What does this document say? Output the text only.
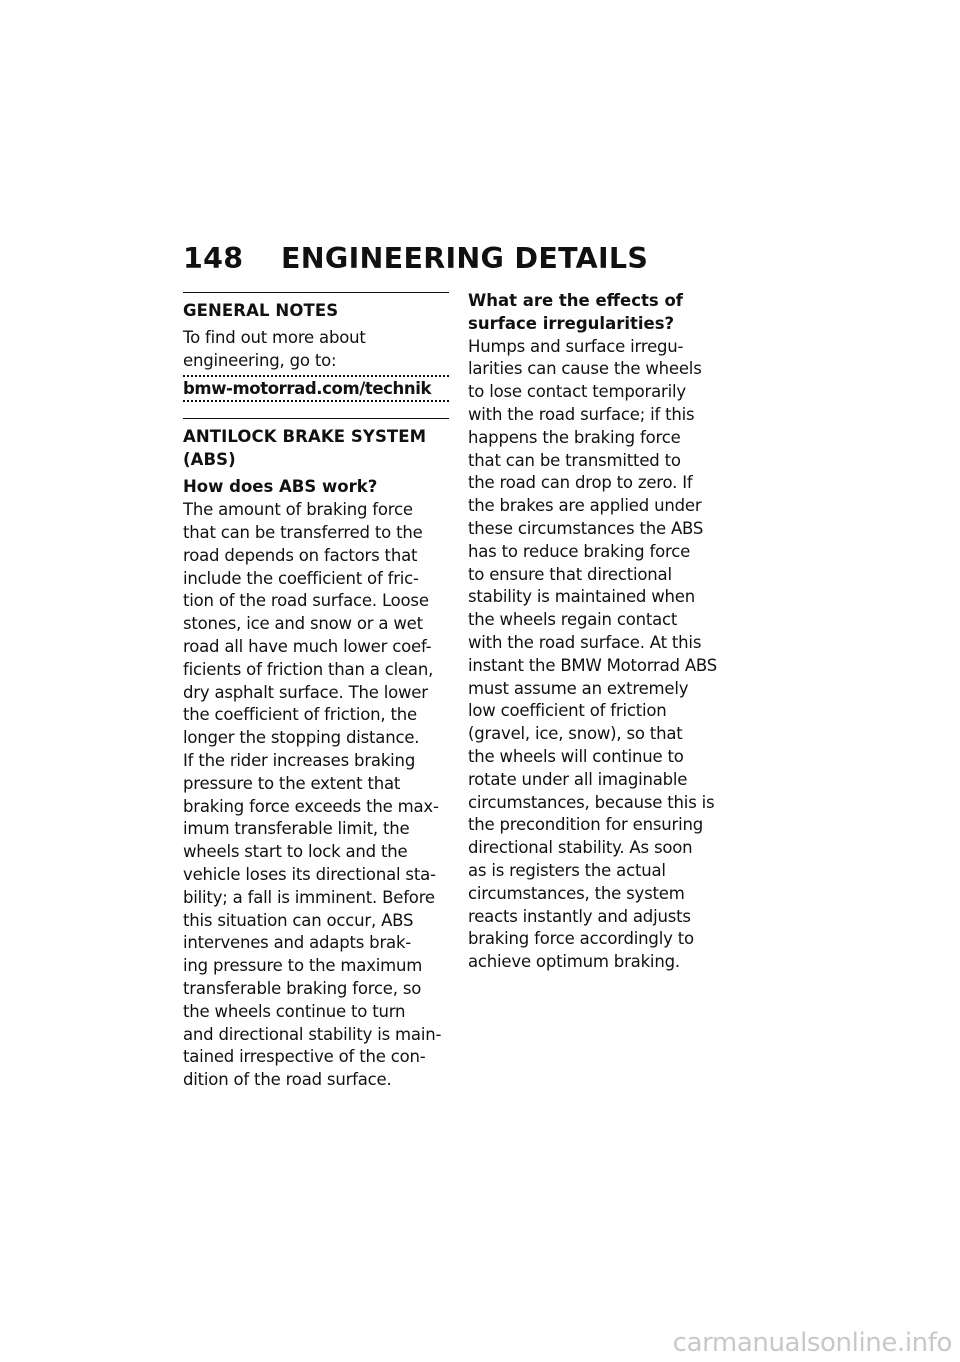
148	ENGINEERING DETAILS
GENERAL NOTES
To find out more about
engineering, go to:
bmw-motorrad.com/technik
ANTILOCK BRAKE SYSTEM
(ABS)
How does ABS work?
The amount of braking force
that can be transferred to the
road depends on factors that
include the coefficient of fric-
tion of the road surface. Loose
stones, ice and snow or a wet
road all have much lower coef-
ficients of friction than a clean,
dry asphalt surface. The lower
the coefficient of friction, the
longer the stopping distance.
If the rider increases braking
pressure to the extent that
braking force exceeds the max-
imum transferable limit, the
wheels start to lock and the
vehicle loses its directional sta-
bility; a fall is imminent. Before
this situation can occur, ABS
intervenes and adapts brak-
ing pressure to the maximum
transferable braking force, so
the wheels continue to turn
and directional stability is main-
tained irrespective of the con-
dition of the road surface.
What are the effects of
surface irregularities?
Humps and surface irregu-
larities can cause the wheels
to lose contact temporarily
with the road surface; if this
happens the braking force
that can be transmitted to
the road can drop to zero. If
the brakes are applied under
these circumstances the ABS
has to reduce braking force
to ensure that directional
stability is maintained when
the wheels regain contact
with the road surface. At this
instant the BMW Motorrad ABS
must assume an extremely
low coefficient of friction
(gravel, ice, snow), so that
the wheels will continue to
rotate under all imaginable
circumstances, because this is
the precondition for ensuring
directional stability. As soon
as is registers the actual
circumstances, the system
reacts instantly and adjusts
braking force accordingly to
achieve optimum braking.
carmanualsonline.info
